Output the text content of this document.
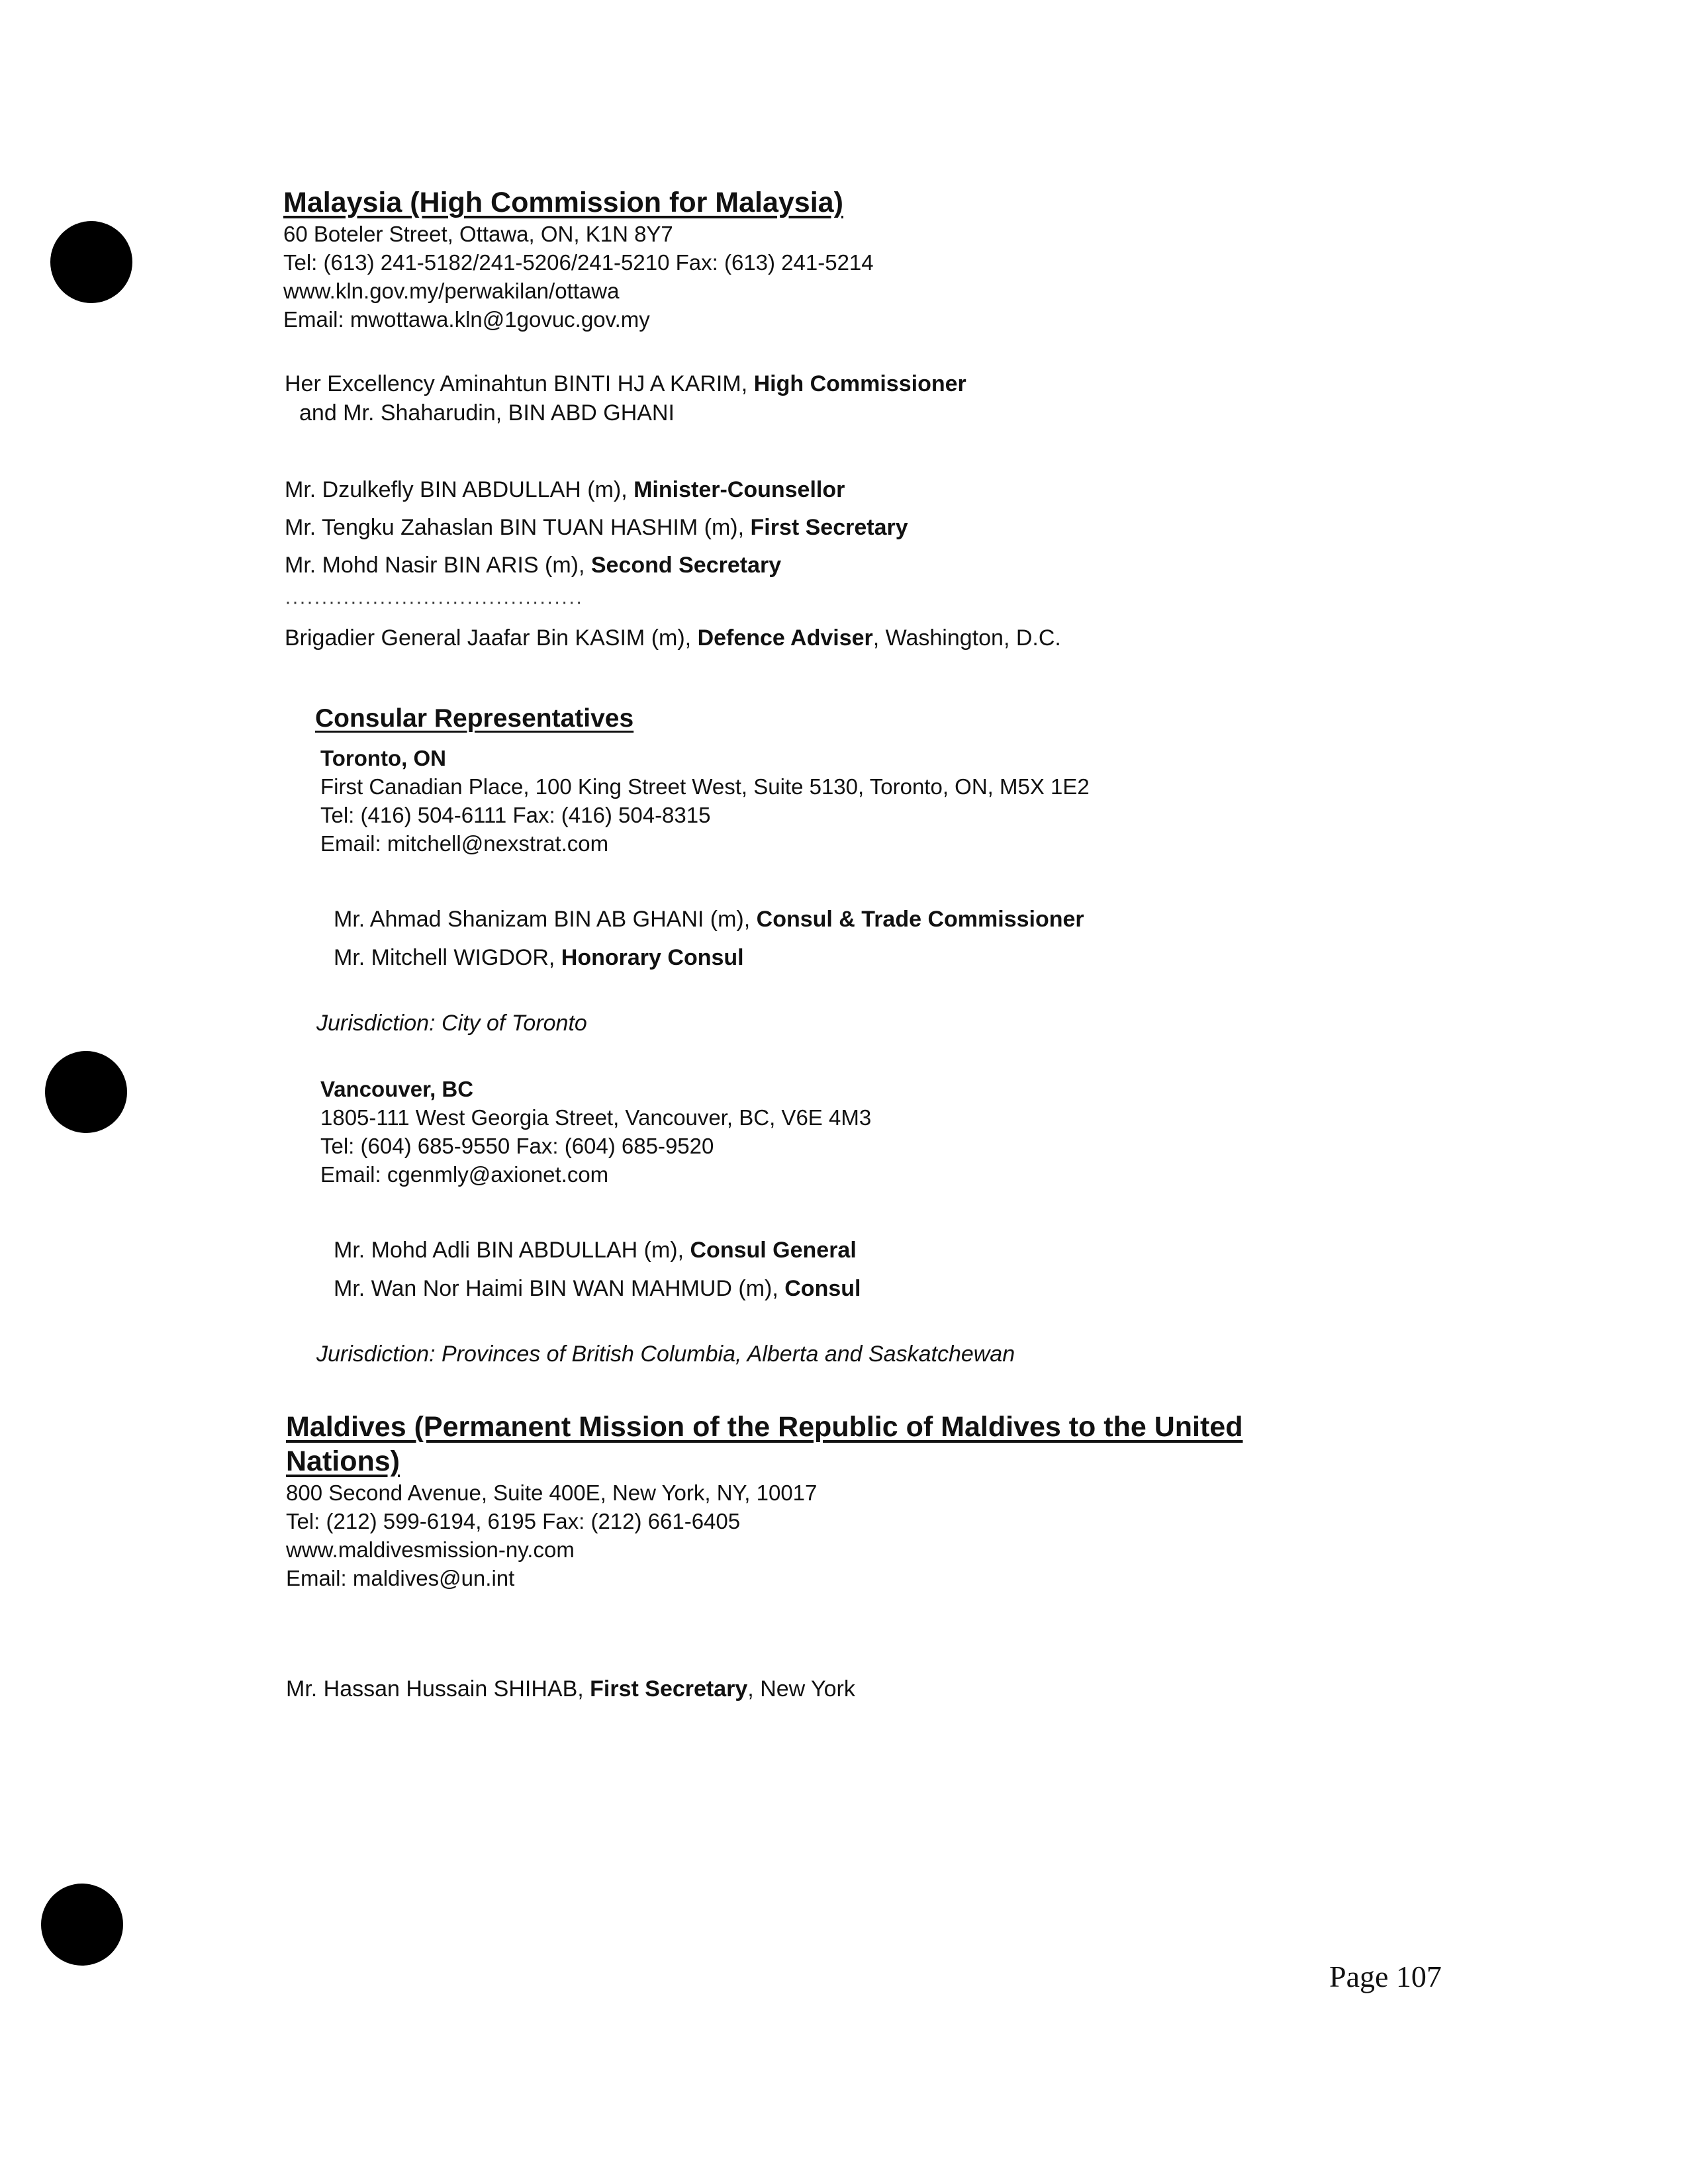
Malaysia (High Commission for Malaysia)
60 Boteler Street, Ottawa, ON, K1N 8Y7
Tel: (613) 241-5182/241-5206/241-5210 Fax: (613) 241-5214
www.kln.gov.my/perwakilan/ottawa
Email: mwottawa.kln@1govuc.gov.my
Her Excellency Aminahtun BINTI HJ A KARIM, High Commissioner
and Mr. Shaharudin, BIN ABD GHANI
Mr. Dzulkefly BIN ABDULLAH (m), Minister-Counsellor
Mr. Tengku Zahaslan BIN TUAN HASHIM (m), First Secretary
Mr. Mohd Nasir BIN ARIS (m), Second Secretary
·········································
Brigadier General Jaafar Bin KASIM (m), Defence Adviser, Washington, D.C.
Consular Representatives
Toronto, ON
First Canadian Place, 100 King Street West, Suite 5130, Toronto, ON, M5X 1E2
Tel: (416) 504-6111 Fax: (416) 504-8315
Email: mitchell@nexstrat.com
Mr. Ahmad Shanizam BIN AB GHANI (m), Consul & Trade Commissioner
Mr. Mitchell WIGDOR, Honorary Consul
Jurisdiction: City of Toronto
Vancouver, BC
1805-111 West Georgia Street, Vancouver, BC, V6E 4M3
Tel: (604) 685-9550 Fax: (604) 685-9520
Email: cgenmly@axionet.com
Mr. Mohd Adli BIN ABDULLAH (m), Consul General
Mr. Wan Nor Haimi BIN WAN MAHMUD (m), Consul
Jurisdiction: Provinces of British Columbia, Alberta and Saskatchewan
Maldives (Permanent Mission of the Republic of Maldives to the United
Nations)
800 Second Avenue, Suite 400E, New York, NY, 10017
Tel: (212) 599-6194, 6195 Fax: (212) 661-6405
www.maldivesmission-ny.com
Email: maldives@un.int
Mr. Hassan Hussain SHIHAB, First Secretary, New York
Page 107
